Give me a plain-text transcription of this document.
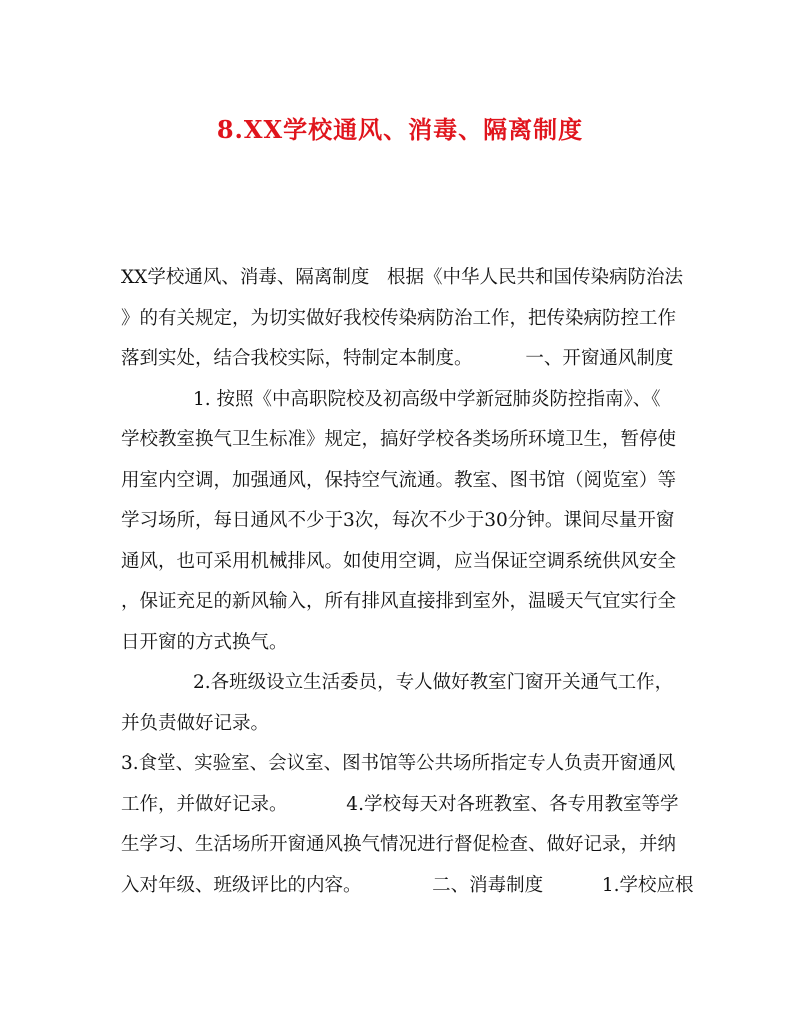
8.XX学校通风、消毒、隔离制度
XX学校通风、消毒、隔离制度   根据《中华人民共和国传染病防治法
》的有关规定，为切实做好我校传染病防治工作，把传染病防控工作
落到实处，结合我校实际，特制定本制度。         一、开窗通风制度
1. 按照《中高职院校及初高级中学新冠肺炎防控指南》、《
学校教室换气卫生标准》规定，搞好学校各类场所环境卫生，暂停使
用室内空调，加强通风，保持空气流通。教室、图书馆（阅览室）等
学习场所，每日通风不少于3次，每次不少于30分钟。课间尽量开窗
通风，也可采用机械排风。如使用空调，应当保证空调系统供风安全
，保证充足的新风输入，所有排风直接排到室外，温暖天气宜实行全
日开窗的方式换气。
2.各班级设立生活委员，专人做好教室门窗开关通气工作，
并负责做好记录。
3.食堂、实验室、会议室、图书馆等公共场所指定专人负责开窗通风
工作，并做好记录。          4.学校每天对各班教室、各专用教室等学
生学习、生活场所开窗通风换气情况进行督促检查、做好记录，并纳
入对年级、班级评比的内容。            二、消毒制度          1.学校应根
